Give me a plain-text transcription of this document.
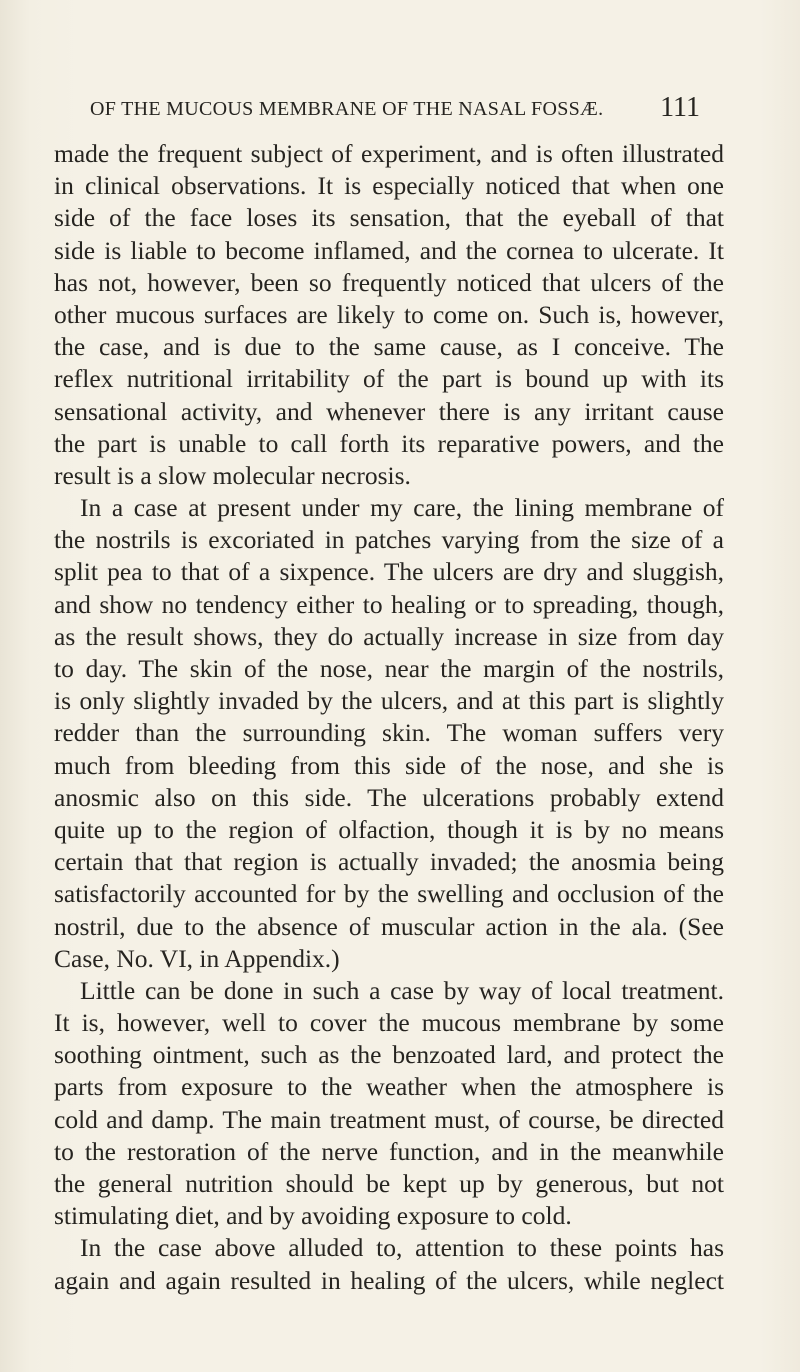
OF THE MUCOUS MEMBRANE OF THE NASAL FOSSÆ. 111
made the frequent subject of experiment, and is often illustrated
in clinical observations. It is especially noticed that when one
side of the face loses its sensation, that the eyeball of that
side is liable to become inflamed, and the cornea to ulcerate. It
has not, however, been so frequently noticed that ulcers of the
other mucous surfaces are likely to come on. Such is, however,
the case, and is due to the same cause, as I conceive. The
reflex nutritional irritability of the part is bound up with its
sensational activity, and whenever there is any irritant cause
the part is unable to call forth its reparative powers, and the
result is a slow molecular necrosis.
In a case at present under my care, the lining membrane of
the nostrils is excoriated in patches varying from the size of a
split pea to that of a sixpence. The ulcers are dry and sluggish,
and show no tendency either to healing or to spreading, though,
as the result shows, they do actually increase in size from day
to day. The skin of the nose, near the margin of the nostrils,
is only slightly invaded by the ulcers, and at this part is slightly
redder than the surrounding skin. The woman suffers very
much from bleeding from this side of the nose, and she is
anosmic also on this side. The ulcerations probably extend
quite up to the region of olfaction, though it is by no means
certain that that region is actually invaded; the anosmia being
satisfactorily accounted for by the swelling and occlusion of the
nostril, due to the absence of muscular action in the ala. (See
Case, No. VI, in Appendix.)
Little can be done in such a case by way of local treatment.
It is, however, well to cover the mucous membrane by some
soothing ointment, such as the benzoated lard, and protect the
parts from exposure to the weather when the atmosphere is
cold and damp. The main treatment must, of course, be directed
to the restoration of the nerve function, and in the meanwhile
the general nutrition should be kept up by generous, but not
stimulating diet, and by avoiding exposure to cold.
In the case above alluded to, attention to these points has
again and again resulted in healing of the ulcers, while neglect
